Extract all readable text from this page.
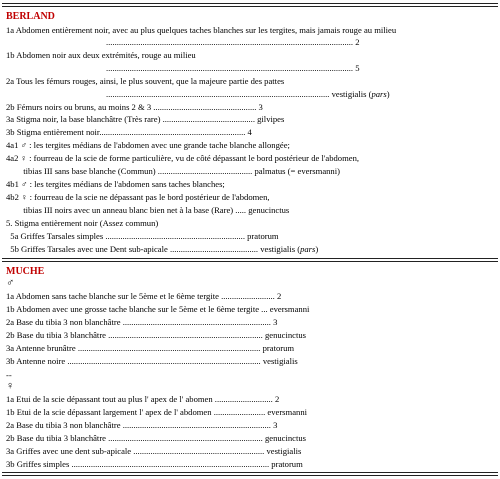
BERLAND
1a Abdomen entièrement noir, avec au plus quelques taches blanches sur les tergites, mais jamais rouge au milieu
................................................................................................................... 2
1b Abdomen noir aux deux extrémités, rouge au milieu
................................................................................................................... 5
2a Tous les fémurs rouges, ainsi, le plus souvent, que la majeure partie des pattes
........................................................................................................ vestigialis (pars)
2b Fémurs noirs ou bruns, au moins 2 & 3 ................................................ 3
3a Stigma noir, la base blanchâtre (Très rare) ........................................... gilvipes
3b Stigma entièrement noir.................................................................... 4
4a1 ♂ : les tergites médians de l'abdomen avec une grande tache blanche allongée;
4a2 ♀ : fourreau de la scie de forme particulière, vu de côté dépassant le bord postérieur de l'abdomen,
tibias III sans base blanche (Commun) ............................................ palmatus (= eversmanni)
4b1 ♂ : les tergites médians de l'abdomen sans taches blanches;
4b2 ♀ : fourreau de la scie ne dépassant pas le bord postérieur de l'abdomen,
tibias III noirs avec un anneau blanc bien net à la base (Rare) ..... genucinctus
5. Stigma entièrement noir (Assez commun)
5a Griffes Tarsales simples ................................................................. pratorum
5b Griffes Tarsales avec une Dent sub-apicale ......................................... vestigialis (pars)
MUCHE
♂
1a Abdomen sans tache blanche sur le 5ème et le 6ème tergite ......................... 2
1b Abdomen avec une grosse tache blanche sur le 5ème et le 6ème tergite ... eversmanni
2a Base du tibia 3 non blanchâtre ..................................................................... 3
2b Base du tibia 3 blanchâtre ........................................................................ genucinctus
3a Antenne brunâtre ..................................................................................... pratorum
3b Antenne noire .......................................................................................... vestigialis
--
♀
1a Etui de la scie dépassant tout au plus l' apex de l' abomen ........................... 2
1b Etui de la scie dépassant largement l' apex de l' abdomen ........................ eversmanni
2a Base du tibia 3 non blanchâtre ..................................................................... 3
2b Base du tibia 3 blanchâtre ........................................................................ genucinctus
3a Griffes avec une dent sub-apicale ............................................................. vestigialis
3b Griffes simples ............................................................................................ pratorum
